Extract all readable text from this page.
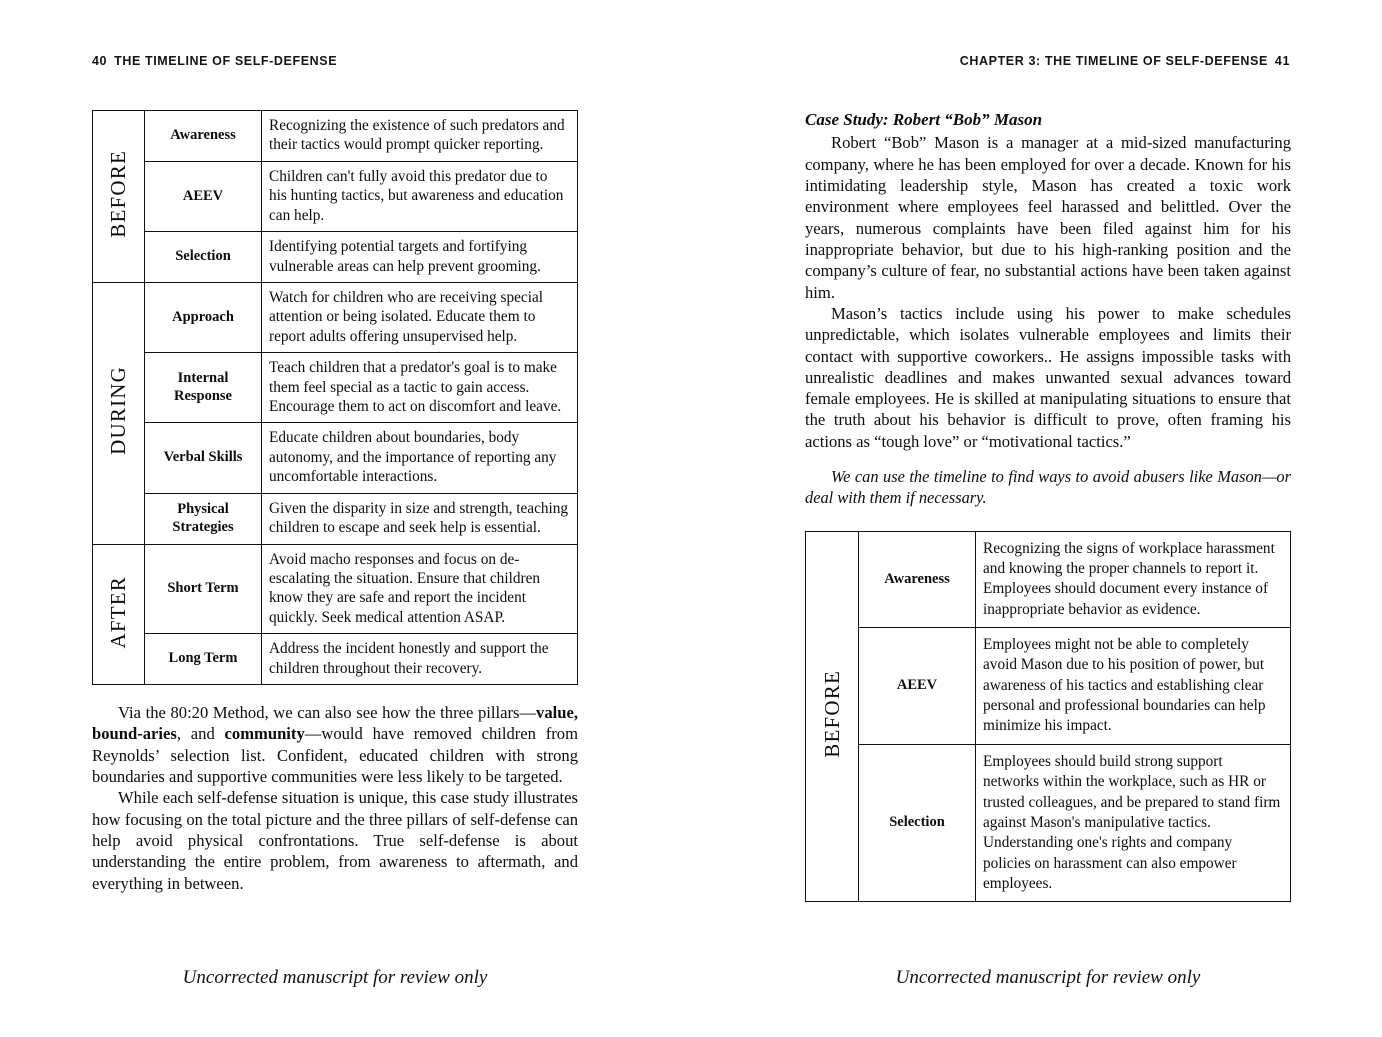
40 THE TIMELINE OF SELF-DEFENSE	CHAPTER 3: THE TIMELINE OF SELF-DEFENSE 41
BEFORE	Awareness	Recognizing the existence of such predators and their tactics would prompt quicker reporting.
	AEEV	Children can't fully avoid this predator due to his hunting tactics, but awareness and education can help.
	Selection	Identifying potential targets and fortifying vulnerable areas can help prevent grooming.
DURING	Approach	Watch for children who are receiving special attention or being isolated. Educate them to report adults offering unsupervised help.
	Internal Response	Teach children that a predator's goal is to make them feel special as a tactic to gain access. Encourage them to act on discomfort and leave.
	Verbal Skills	Educate children about boundaries, body autonomy, and the importance of reporting any uncomfortable interactions.
	Physical Strategies	Given the disparity in size and strength, teaching children to escape and seek help is essential.
AFTER	Short Term	Avoid macho responses and focus on de-escalating the situation. Ensure that children know they are safe and report the incident quickly. Seek medical attention ASAP.
	Long Term	Address the incident honestly and support the children throughout their recovery.

Via the 80:20 Method, we can also see how the three pillars—value, bound-aries, and community—would have removed children from Reynolds’ selection list. Confident, educated children with strong boundaries and supportive communities were less likely to be targeted.

While each self-defense situation is unique, this case study illustrates how focusing on the total picture and the three pillars of self-defense can help avoid physical confrontations. True self-defense is about understanding the entire problem, from awareness to aftermath, and everything in between.

Case Study: Robert “Bob” Mason

Robert “Bob” Mason is a manager at a mid-sized manufacturing company, where he has been employed for over a decade. Known for his intimidating leadership style, Mason has created a toxic work environment where employees feel harassed and belittled. Over the years, numerous complaints have been filed against him for his inappropriate behavior, but due to his high-ranking position and the company’s culture of fear, no substantial actions have been taken against him.

Mason’s tactics include using his power to make schedules unpredictable, which isolates vulnerable employees and limits their contact with supportive coworkers.. He assigns impossible tasks with unrealistic deadlines and makes unwanted sexual advances toward female employees. He is skilled at manipulating situations to ensure that the truth about his behavior is difficult to prove, often framing his actions as “tough love” or “motivational tactics.”

We can use the timeline to find ways to avoid abusers like Mason—or deal with them if necessary.

BEFORE	Awareness	Recognizing the signs of workplace harassment and knowing the proper channels to report it. Employees should document every instance of inappropriate behavior as evidence.
	AEEV	Employees might not be able to completely avoid Mason due to his position of power, but awareness of his tactics and establishing clear personal and professional boundaries can help minimize his impact.
	Selection	Employees should build strong support networks within the workplace, such as HR or trusted colleagues, and be prepared to stand firm against Mason's manipulative tactics. Understanding one's rights and company policies on harassment can also empower employees.
Uncorrected manuscript for review only	Uncorrected manuscript for review only
